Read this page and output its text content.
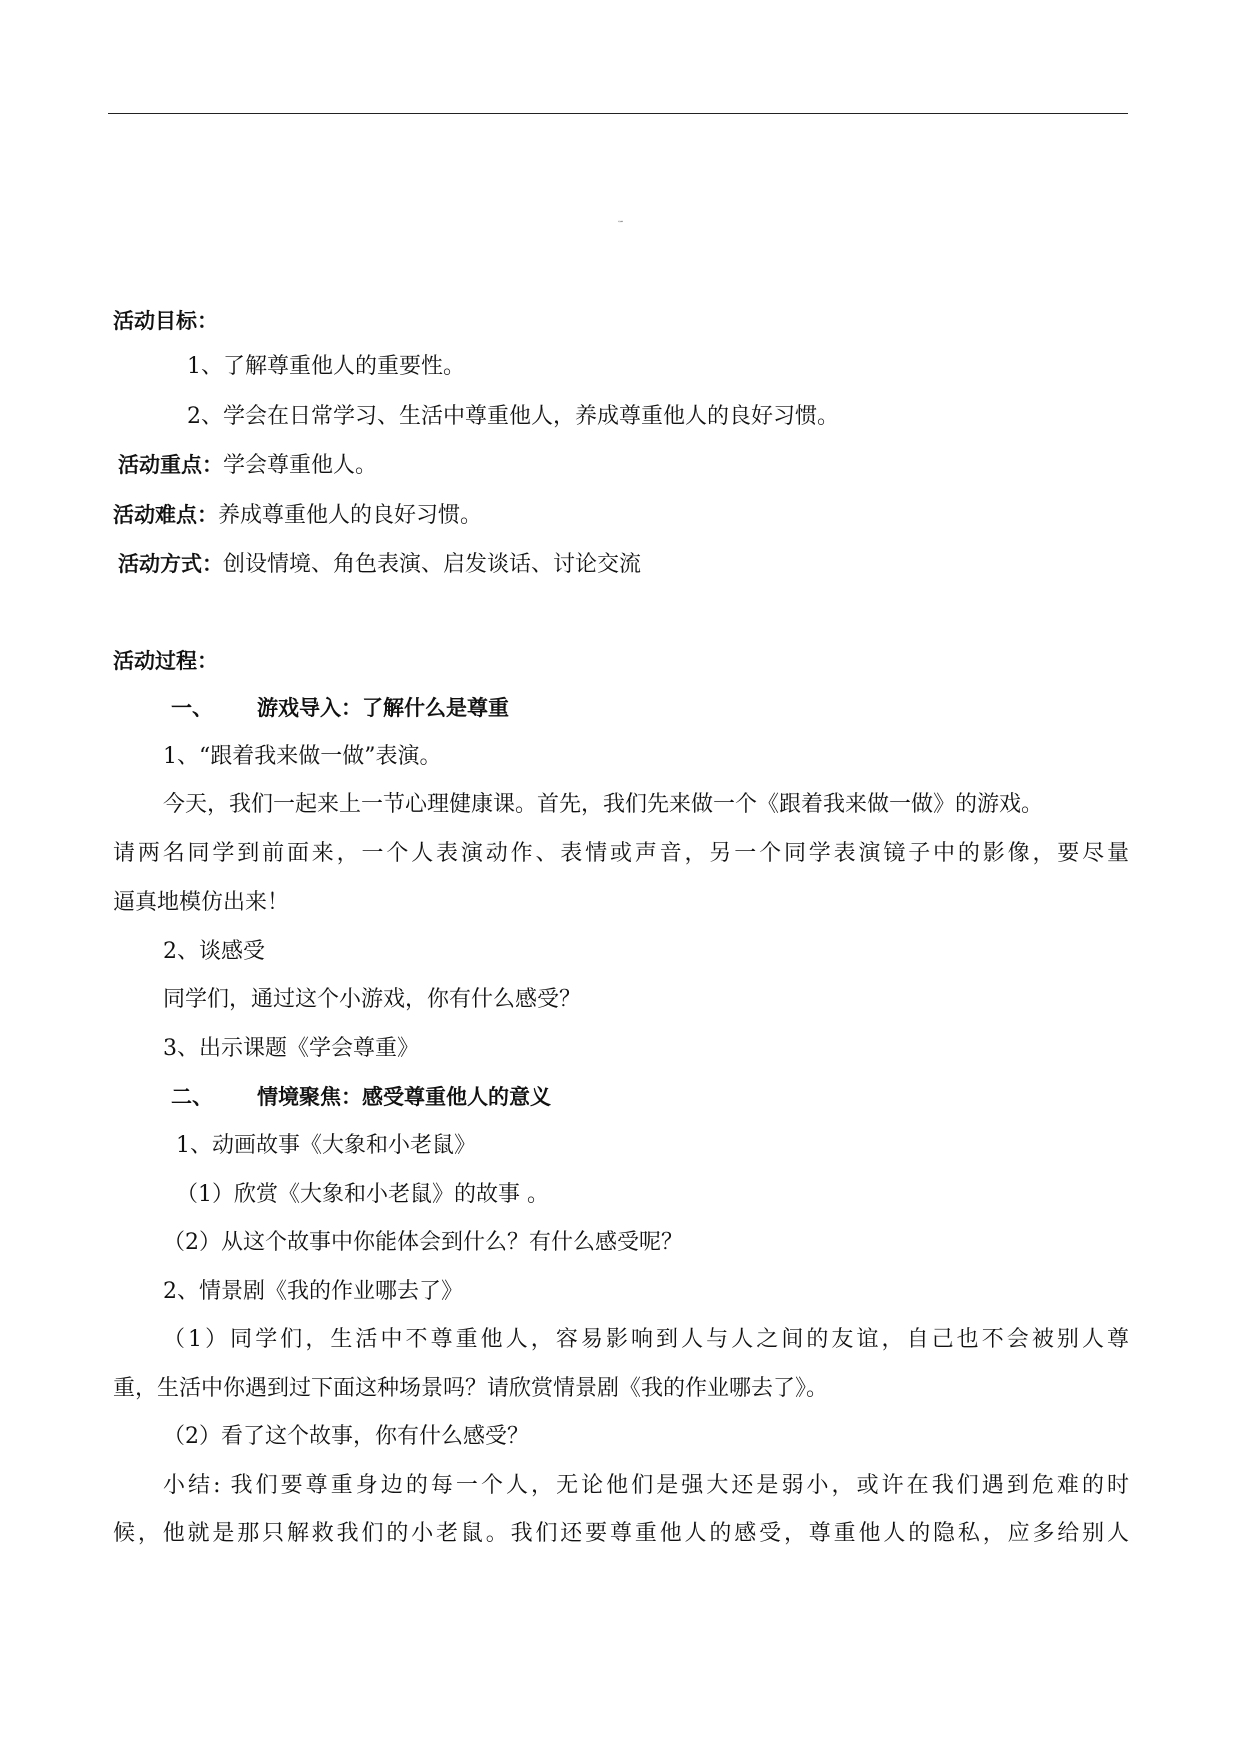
《学会尊重》
活动目标：
1、了解尊重他人的重要性。
2、学会在日常学习、生活中尊重他人，养成尊重他人的良好习惯。
活动重点：学会尊重他人。
活动难点：养成尊重他人的良好习惯。
活动方式：创设情境、角色表演、启发谈话、讨论交流
活动过程：
一、 游戏导入：了解什么是尊重
1、“跟着我来做一做”表演。
今天，我们一起来上一节心理健康课。首先，我们先来做一个《跟着我来做一做》的游戏。
请两名同学到前面来，一个人表演动作、表情或声音，另一个同学表演镜子中的影像，要尽量
逼真地模仿出来！
2、谈感受
同学们，通过这个小游戏，你有什么感受？
3、出示课题《学会尊重》
二、 情境聚焦：感受尊重他人的意义
1、动画故事《大象和小老鼠》
（1）欣赏《大象和小老鼠》的故事 。
（2）从这个故事中你能体会到什么？有什么感受呢？
2、情景剧《我的作业哪去了》
（1）同学们，生活中不尊重他人，容易影响到人与人之间的友谊，自己也不会被别人尊
重，生活中你遇到过下面这种场景吗？请欣赏情景剧《我的作业哪去了》。
（2）看了这个故事，你有什么感受？
小结: 我们要尊重身边的每一个人，无论他们是强大还是弱小，或许在我们遇到危难的时
候，他就是那只解救我们的小老鼠。我们还要尊重他人的感受，尊重他人的隐私，应多给别人
